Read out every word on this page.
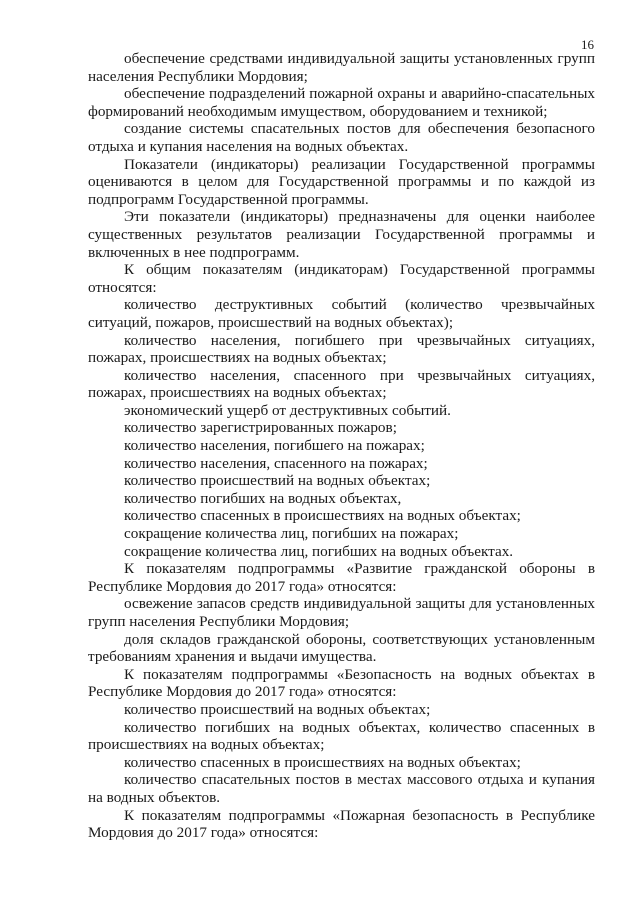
16

обеспечение средствами индивидуальной защиты установленных групп населения Республики Мордовия;

обеспечение подразделений пожарной охраны и аварийно-спасательных формирований необходимым имуществом, оборудованием и техникой;

создание системы спасательных постов для обеспечения безопасного отдыха и купания населения на водных объектах.

Показатели (индикаторы) реализации Государственной программы оцениваются в целом для Государственной программы и по каждой из подпрограмм Государственной программы.

Эти показатели (индикаторы) предназначены для оценки наиболее существенных результатов реализации Государственной программы и включенных в нее подпрограмм.

К общим показателям (индикаторам) Государственной программы относятся:

количество деструктивных событий (количество чрезвычайных ситуаций, пожаров, происшествий на водных объектах);

количество населения, погибшего при чрезвычайных ситуациях, пожарах, происшествиях на водных объектах;

количество населения, спасенного при чрезвычайных ситуациях, пожарах, происшествиях на водных объектах;

экономический ущерб от деструктивных событий.

количество зарегистрированных пожаров;

количество населения, погибшего на пожарах;

количество населения, спасенного на пожарах;

количество происшествий на водных объектах;

количество погибших на водных объектах,

количество спасенных в происшествиях на водных объектах;

сокращение количества лиц, погибших на пожарах;

сокращение количества лиц, погибших на водных объектах.

К показателям подпрограммы «Развитие гражданской обороны в Республике Мордовия до 2017 года» относятся:

освежение запасов средств индивидуальной защиты для установленных групп населения Республики Мордовия;

доля складов гражданской обороны, соответствующих установленным требованиям хранения и выдачи имущества.

К показателям подпрограммы «Безопасность на водных объектах в Республике Мордовия до 2017 года» относятся:

количество происшествий на водных объектах;

количество погибших на водных объектах, количество спасенных в происшествиях на водных объектах;

количество спасенных в происшествиях на водных объектах;

количество спасательных постов в местах массового отдыха и купания на водных объектов.

К показателям подпрограммы «Пожарная безопасность в Республике Мордовия до 2017 года» относятся:
